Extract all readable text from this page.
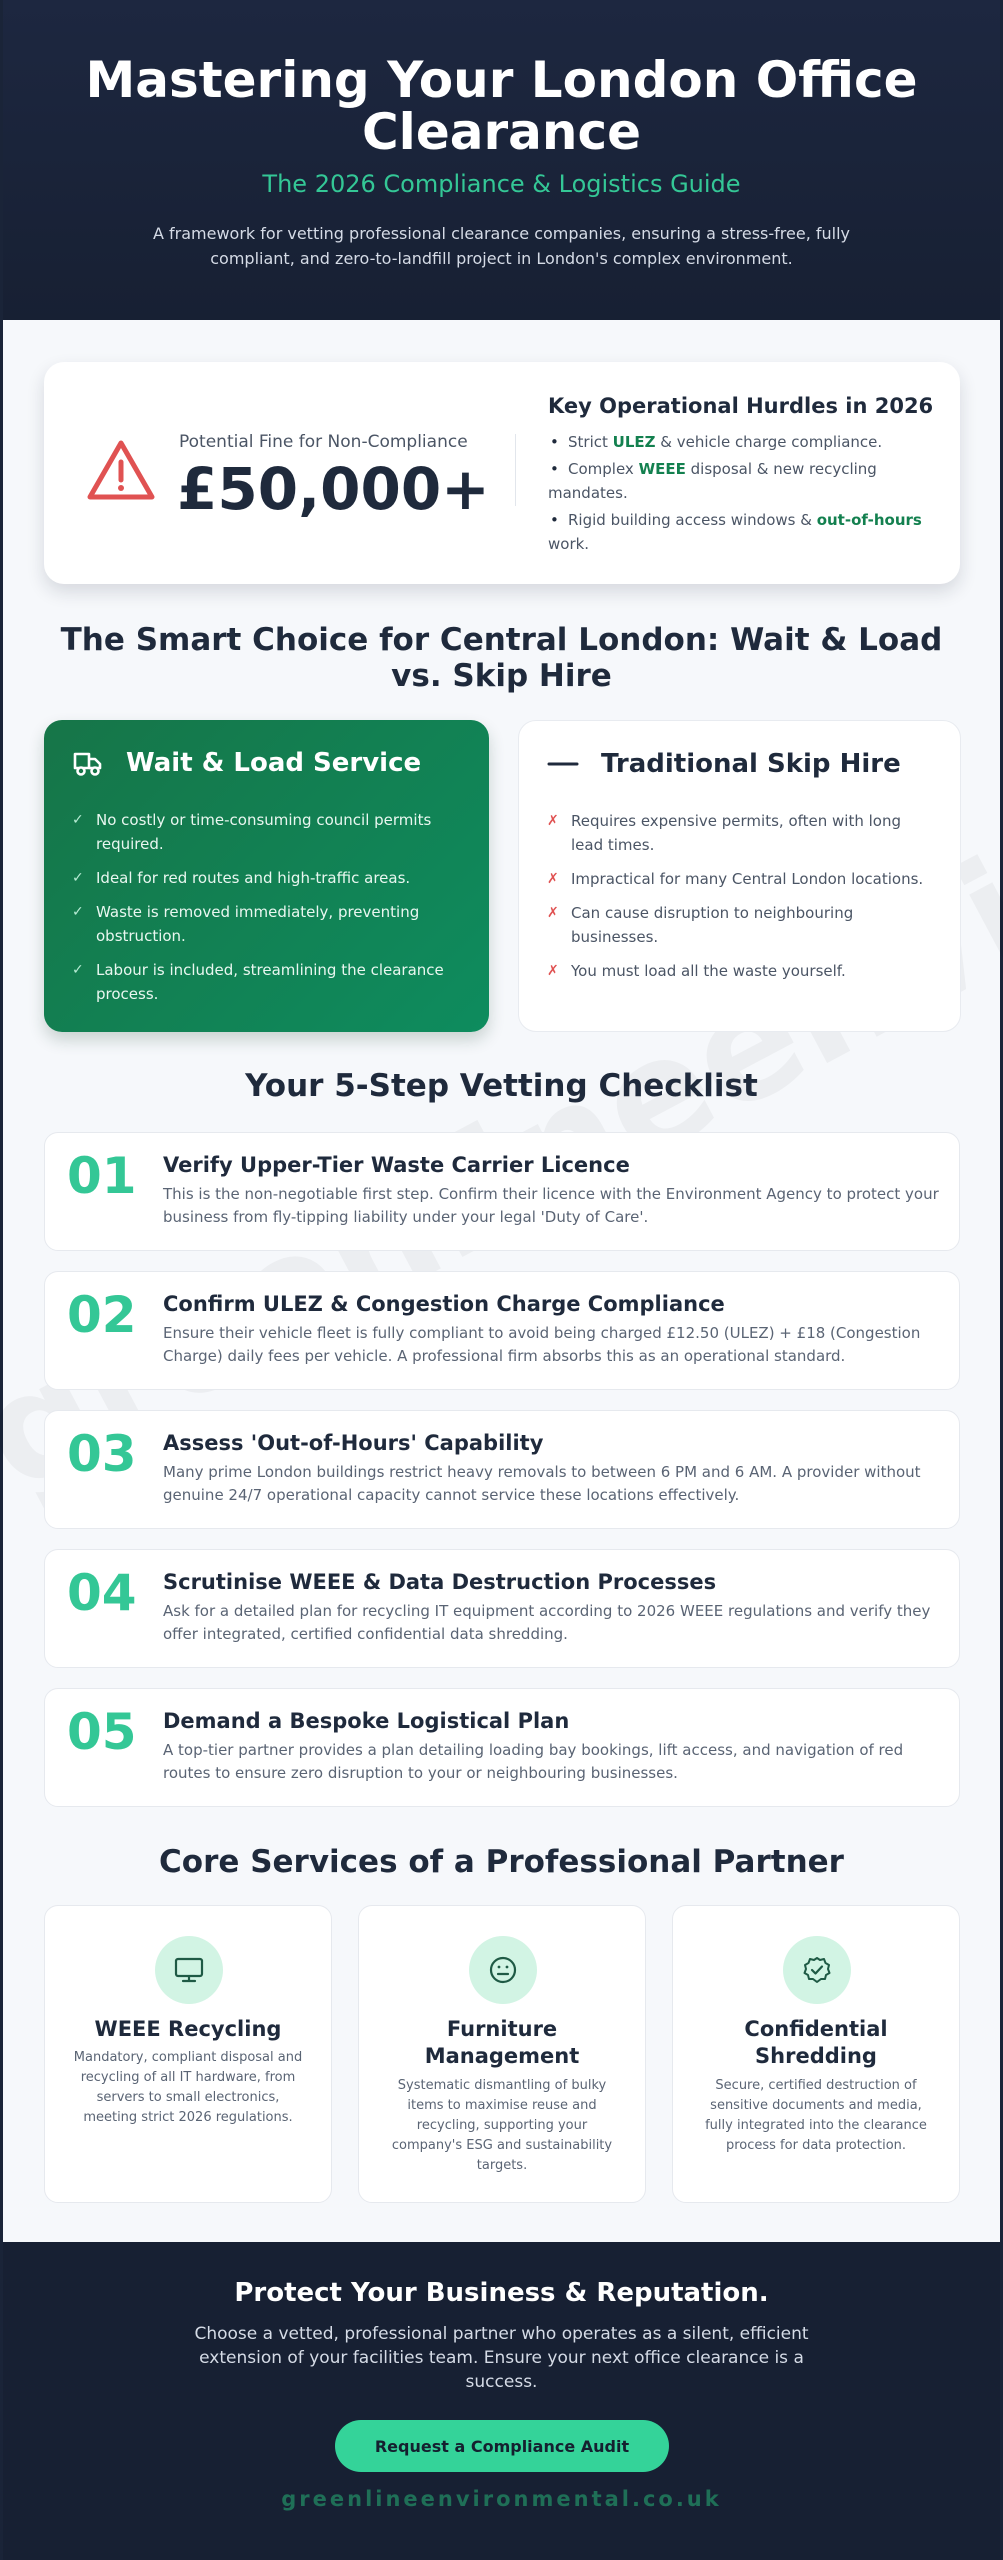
Mastering Your London Office Clearance
The 2026 Compliance & Logistics Guide

A framework for vetting professional clearance companies, ensuring a stress-free, fully compliant, and zero-to-landfill project in London's complex environment.

Potential Fine for Non-Compliance
£50,000+
Key Operational Hurdles in 2026
• Strict ULEZ & vehicle charge compliance.
• Complex WEEE disposal & new recycling mandates.
• Rigid building access windows & out-of-hours work.
The Smart Choice for Central London: Wait & Load vs. Skip Hire
Wait & Load Service
✓ No costly or time-consuming council permits required.
✓ Ideal for red routes and high-traffic areas.
✓ Waste is removed immediately, preventing obstruction.
✓ Labour is included, streamlining the clearance process.
Traditional Skip Hire
✗ Requires expensive permits, often with long lead times.
✗ Impractical for many Central London locations.
✗ Can cause disruption to neighbouring businesses.
✗ You must load all the waste yourself.
Your 5-Step Vetting Checklist
01 Verify Upper-Tier Waste Carrier Licence
This is the non-negotiable first step. Confirm their licence with the Environment Agency to protect your business from fly-tipping liability under your legal 'Duty of Care'.
02 Confirm ULEZ & Congestion Charge Compliance
Ensure their vehicle fleet is fully compliant to avoid being charged £12.50 (ULEZ) + £18 (Congestion Charge) daily fees per vehicle. A professional firm absorbs this as an operational standard.
03 Assess 'Out-of-Hours' Capability
Many prime London buildings restrict heavy removals to between 6 PM and 6 AM. A provider without genuine 24/7 operational capacity cannot service these locations effectively.
04 Scrutinise WEEE & Data Destruction Processes
Ask for a detailed plan for recycling IT equipment according to 2026 WEEE regulations and verify they offer integrated, certified confidential data shredding.
05 Demand a Bespoke Logistical Plan
A top-tier partner provides a plan detailing loading bay bookings, lift access, and navigation of red routes to ensure zero disruption to your or neighbouring businesses.
Core Services of a Professional Partner
WEEE Recycling
Mandatory, compliant disposal and recycling of all IT hardware, from servers to small electronics, meeting strict 2026 regulations.
Furniture Management
Systematic dismantling of bulky items to maximise reuse and recycling, supporting your company's ESG and sustainability targets.
Confidential Shredding
Secure, certified destruction of sensitive documents and media, fully integrated into the clearance process for data protection.
Protect Your Business & Reputation.

Choose a vetted, professional partner who operates as a silent, efficient extension of your facilities team. Ensure your next office clearance is a success.

Request a Compliance Audit
greenlineenvironmental.co.uk
